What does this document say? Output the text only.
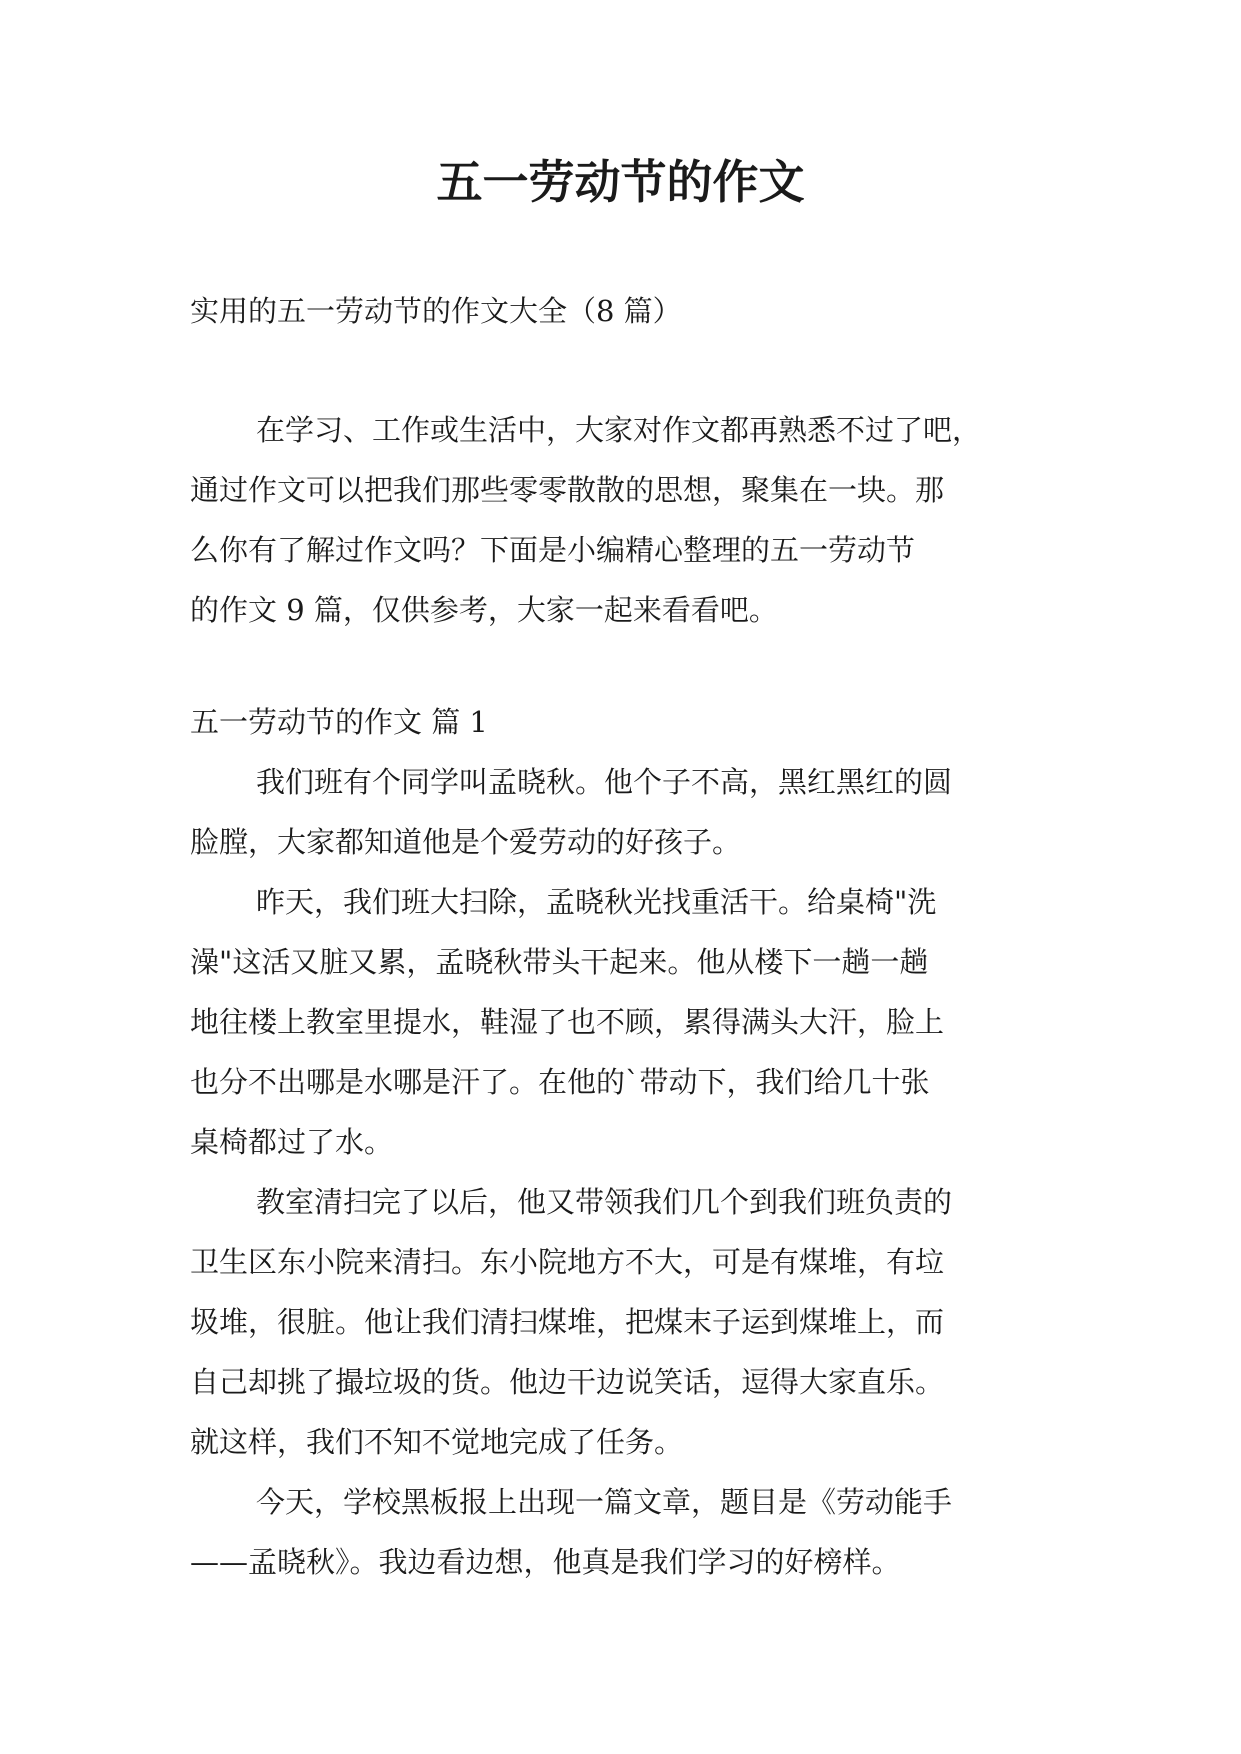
五一劳动节的作文

实用的五一劳动节的作文大全（8 篇）

在学习、工作或生活中，大家对作文都再熟悉不过了吧，
通过作文可以把我们那些零零散散的思想，聚集在一块。那
么你有了解过作文吗？下面是小编精心整理的五一劳动节
的作文 9 篇，仅供参考，大家一起来看看吧。

五一劳动节的作文 篇 1

我们班有个同学叫孟晓秋。他个子不高，黑红黑红的圆
脸膛，大家都知道他是个爱劳动的好孩子。
昨天，我们班大扫除，孟晓秋光找重活干。给桌椅"洗
澡"这活又脏又累，孟晓秋带头干起来。他从楼下一趟一趟
地往楼上教室里提水，鞋湿了也不顾，累得满头大汗，脸上
也分不出哪是水哪是汗了。在他的`带动下，我们给几十张
桌椅都过了水。
教室清扫完了以后，他又带领我们几个到我们班负责的
卫生区东小院来清扫。东小院地方不大，可是有煤堆，有垃
圾堆，很脏。他让我们清扫煤堆，把煤末子运到煤堆上，而
自己却挑了撮垃圾的货。他边干边说笑话，逗得大家直乐。
就这样，我们不知不觉地完成了任务。
今天，学校黑板报上出现一篇文章，题目是《劳动能手
——孟晓秋》。我边看边想，他真是我们学习的好榜样。
